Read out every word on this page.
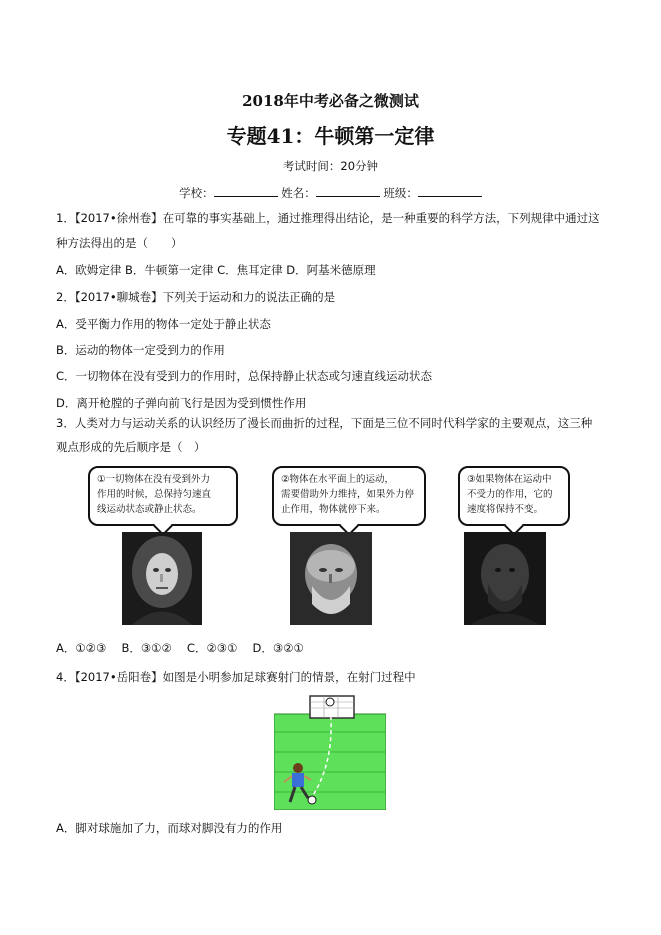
2018年中考必备之微测试
专题41：牛顿第一定律
考试时间：20分钟
学校：	姓名：	班级：
1．【2017•徐州卷】在可靠的事实基础上，通过推理得出结论，是一种重要的科学方法，下列规律中通过这
种方法得出的是（　　）
A．欧姆定律 B．牛顿第一定律 C．焦耳定律 D．阿基米德原理
2．【2017•聊城卷】下列关于运动和力的说法正确的是
A．受平衡力作用的物体一定处于静止状态
B．运动的物体一定受到力的作用
C．一切物体在没有受到力的作用时，总保持静止状态或匀速直线运动状态
D．离开枪膛的子弹向前飞行是因为受到惯性作用
3．人类对力与运动关系的认识经历了漫长而曲折的过程，下面是三位不同时代科学家的主要观点，这三种
观点形成的先后顺序是（　）
①一切物体在没有受到外力
作用的时候，总保持匀速直
线运动状态或静止状态。
②物体在水平面上的运动，
需要借助外力维持，如果外力停
止作用，物体就停下来。
③如果物体在运动中
不受力的作用，它的
速度将保持不变。
A．①②③　 B．③①②　 C．②③①　 D．③②①
4．【2017•岳阳卷】如图是小明参加足球赛射门的情景，在射门过程中
A．脚对球施加了力，而球对脚没有力的作用
